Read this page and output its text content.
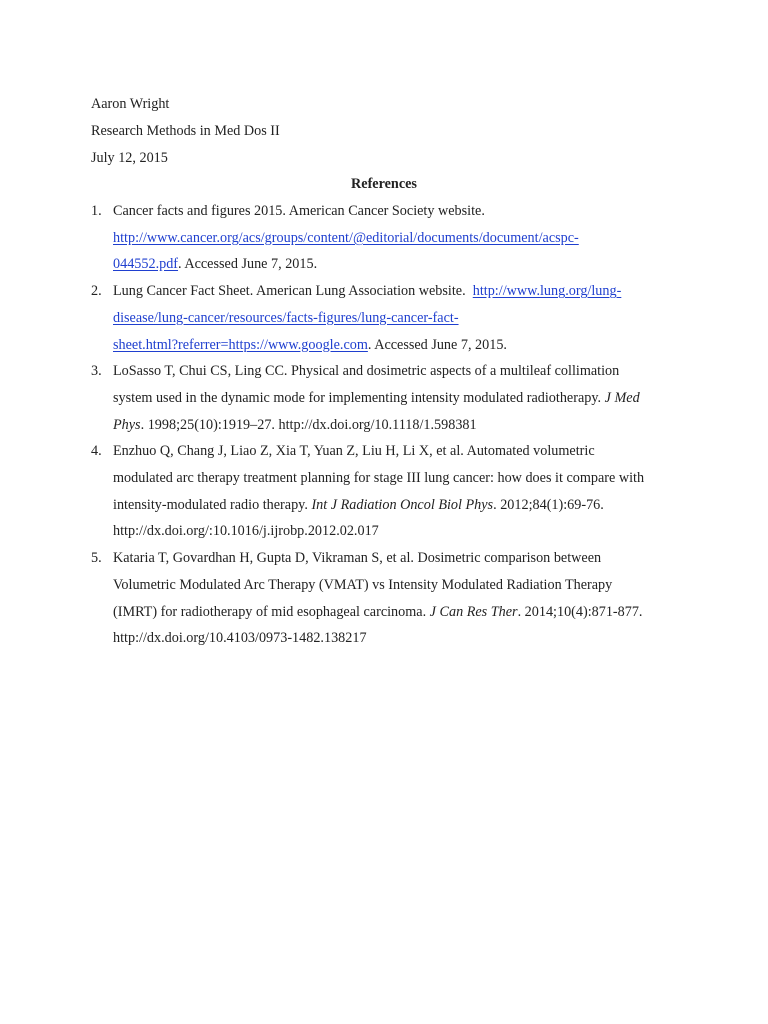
Aaron Wright
Research Methods in Med Dos II
July 12, 2015
References
1. Cancer facts and figures 2015. American Cancer Society website.
http://www.cancer.org/acs/groups/content/@editorial/documents/document/acspc-
044552.pdf. Accessed June 7, 2015.
2. Lung Cancer Fact Sheet. American Lung Association website. http://www.lung.org/lung-
disease/lung-cancer/resources/facts-figures/lung-cancer-fact-
sheet.html?referrer=https://www.google.com. Accessed June 7, 2015.
3. LoSasso T, Chui CS, Ling CC. Physical and dosimetric aspects of a multileaf collimation
system used in the dynamic mode for implementing intensity modulated radiotherapy. J Med
Phys. 1998;25(10):1919–27. http://dx.doi.org/10.1118/1.598381
4. Enzhuo Q, Chang J, Liao Z, Xia T, Yuan Z, Liu H, Li X, et al. Automated volumetric
modulated arc therapy treatment planning for stage III lung cancer: how does it compare with
intensity-modulated radio therapy. Int J Radiation Oncol Biol Phys. 2012;84(1):69-76.
http://dx.doi.org/:10.1016/j.ijrobp.2012.02.017
5. Kataria T, Govardhan H, Gupta D, Vikraman S, et al. Dosimetric comparison between
Volumetric Modulated Arc Therapy (VMAT) vs Intensity Modulated Radiation Therapy
(IMRT) for radiotherapy of mid esophageal carcinoma. J Can Res Ther. 2014;10(4):871-877.
http://dx.doi.org/10.4103/0973-1482.138217
